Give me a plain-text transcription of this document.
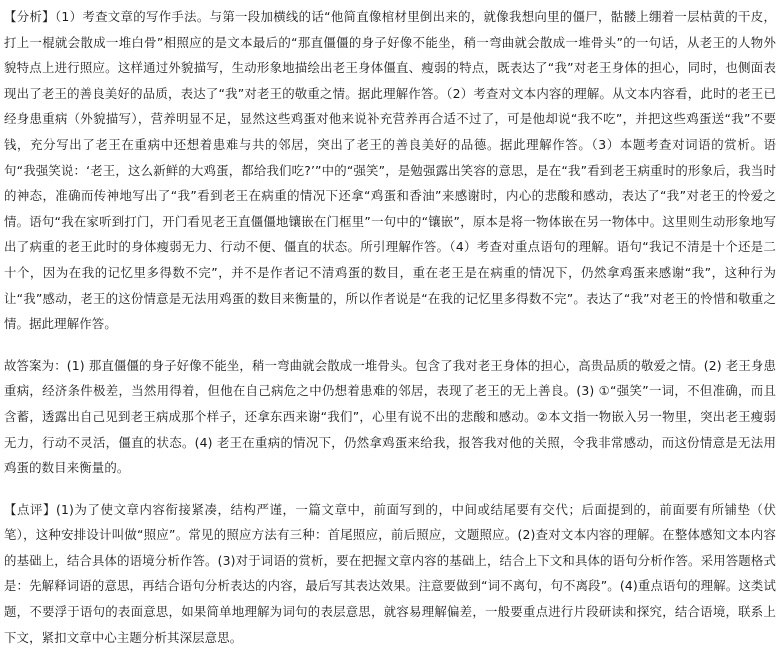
【分析】（1）考查文章的写作手法。与第一段加横线的话“他简直像棺材里倒出来的，就像我想向里的僵尸，骷髅上绷着一层枯黄的干皮，打上一棍就会散成一堆白骨”相照应的是文本最后的“那直僵僵的身子好像不能坐，稍一弯曲就会散成一堆骨头”的一句话，从老王的人物外貌特点上进行照应。这样通过外貌描写，生动形象地描绘出老王身体僵直、瘦弱的特点，既表达了“我”对老王身体的担心，同时，也侧面表现出了老王的善良美好的品质，表达了“我”对老王的敬重之情。据此理解作答。（2）考查对文本内容的理解。从文本内容看，此时的老王已经身患重病（外貌描写），营养明显不足，显然这些鸡蛋对他来说补充营养再合适不过了，可是他却说“我不吃”，并把这些鸡蛋送“我”不要钱，充分写出了老王在重病中还想着患难与共的邻居，突出了老王的善良美好的品德。据此理解作答。（3）本题考查对词语的赏析。语句“我强笑说：‘老王，这么新鲜的大鸡蛋，都给我们吃?’”中的“强笑”，是勉强露出笑容的意思，是在“我”看到老王病重时的形象后，我当时的神态，准确而传神地写出了“我”看到老王在病重的情况下还拿“鸡蛋和香油”来感谢时，内心的悲酸和感动，表达了“我”对老王的怜爱之情。语句“我在家听到打门，开门看见老王直僵僵地镶嵌在门框里”一句中的“镶嵌”，原本是将一物体嵌在另一物体中。这里则生动形象地写出了病重的老王此时的身体瘦弱无力、行动不便、僵直的状态。所引理解作答。（4）考查对重点语句的理解。语句“我记不清是十个还是二十个，因为在我的记忆里多得数不完”，并不是作者记不清鸡蛋的数目，重在老王是在病重的情况下，仍然拿鸡蛋来感谢“我”，这种行为让“我”感动，老王的这份情意是无法用鸡蛋的数目来衡量的，所以作者说是“在我的记忆里多得数不完”。表达了“我”对老王的怜惜和敬重之情。据此理解作答。

故答案为：(1) 那直僵僵的身子好像不能坐，稍一弯曲就会散成一堆骨头。包含了我对老王身体的担心，高贵品质的敬爱之情。(2) 老王身患重病，经济条件极差，当然用得着，但他在自己病危之中仍想着患难的邻居，表现了老王的无上善良。(3) ①“强笑”一词，不但准确，而且含蓄，透露出自己见到老王病成那个样子，还拿东西来谢“我们”，心里有说不出的悲酸和感动。②本文指一物嵌入另一物里，突出老王瘦弱无力，行动不灵活，僵直的状态。(4) 老王在重病的情况下，仍然拿鸡蛋来给我，报答我对他的关照，令我非常感动，而这份情意是无法用鸡蛋的数目来衡量的。

【点评】(1)为了使文章内容衔接紧凑，结构严谨，一篇文章中，前面写到的，中间或结尾要有交代；后面提到的，前面要有所铺垫（伏笔），这种安排设计叫做“照应”。常见的照应方法有三种：首尾照应，前后照应，文题照应。(2)查对文本内容的理解。在整体感知文本内容的基础上，结合具体的语境分析作答。(3)对于词语的赏析，要在把握文章内容的基础上，结合上下文和具体的语句分析作答。采用答题格式是：先解释词语的意思，再结合语句分析表达的内容，最后写其表达效果。注意要做到“词不离句，句不离段”。(4)重点语句的理解。这类试题，不要浮于语句的表面意思，如果简单地理解为词句的表层意思，就容易理解偏差，一般要重点进行片段研读和探究，结合语境，联系上下文，紧扣文章中心主题分析其深层意思。
